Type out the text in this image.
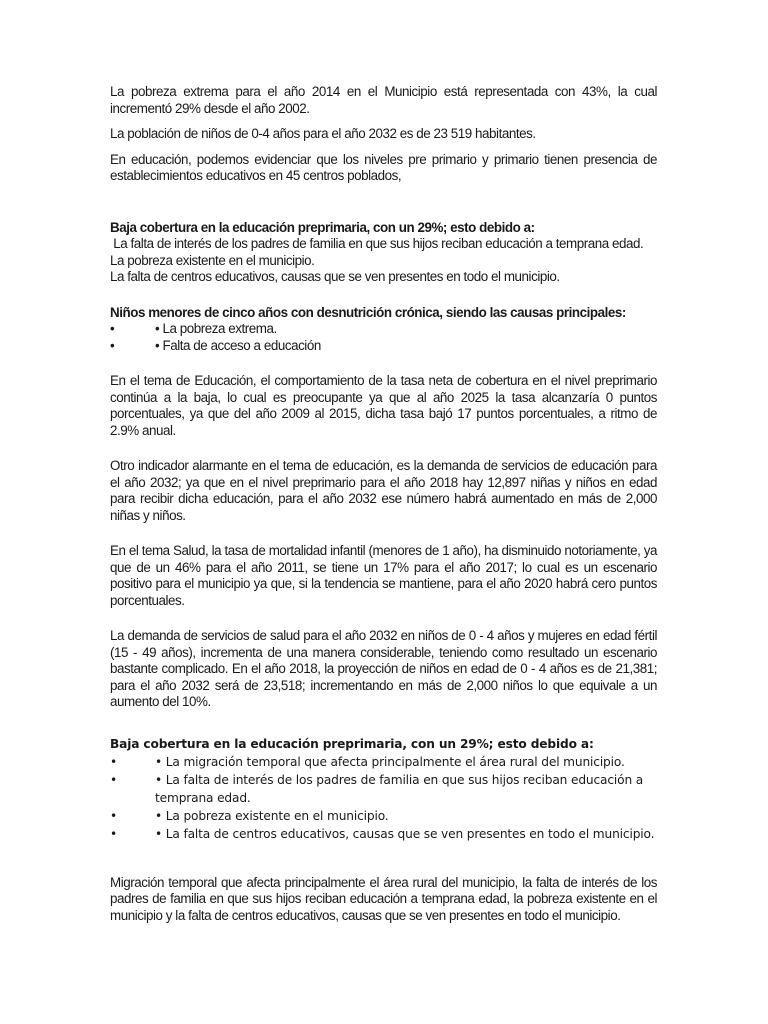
La pobreza extrema para el año 2014 en el Municipio está representada con 43%, la cual incrementó 29% desde el año 2002.

La población de niños de 0-4 años para el año 2032 es de 23 519 habitantes.

En educación, podemos evidenciar que los niveles pre primario y primario tienen presencia de establecimientos educativos en 45 centros poblados,

Baja cobertura en la educación preprimaria, con un 29%; esto debido a:

La falta de interés de los padres de familia en que sus hijos reciban educación a temprana edad.
La pobreza existente en el municipio.
La falta de centros educativos, causas que se ven presentes en todo el municipio.

Niños menores de cinco años con desnutrición crónica, siendo las causas principales:

•	• La pobreza extrema.
•	• Falta de acceso a educación

En el tema de Educación, el comportamiento de la tasa neta de cobertura en el nivel preprimario continúa a la baja, lo cual es preocupante ya que al año 2025 la tasa alcanzaría 0 puntos porcentuales, ya que del año 2009 al 2015, dicha tasa bajó 17 puntos porcentuales, a ritmo de 2.9% anual.

Otro indicador alarmante en el tema de educación, es la demanda de servicios de educación para el año 2032; ya que en el nivel preprimario para el año 2018 hay 12,897 niñas y niños en edad para recibir dicha educación, para el año 2032 ese número habrá aumentado en más de 2,000 niñas y niños.

En el tema Salud, la tasa de mortalidad infantil (menores de 1 año), ha disminuido notoriamente, ya que de un 46% para el año 2011, se tiene un 17% para el año 2017; lo cual es un escenario positivo para el municipio ya que, si la tendencia se mantiene, para el año 2020 habrá cero puntos porcentuales.

La demanda de servicios de salud para el año 2032 en niños de 0 - 4 años y mujeres en edad fértil (15 - 49 años), incrementa de una manera considerable, teniendo como resultado un escenario bastante complicado. En el año 2018, la proyección de niños en edad de 0 - 4 años es de 21,381; para el año 2032 será de 23,518; incrementando en más de 2,000 niños lo que equivale a un aumento del 10%.

Baja cobertura en la educación preprimaria, con un 29%; esto debido a:

•	• La migración temporal que afecta principalmente el área rural del municipio.
•	• La falta de interés de los padres de familia en que sus hijos reciban educación a temprana edad.
•	• La pobreza existente en el municipio.
•	• La falta de centros educativos, causas que se ven presentes en todo el municipio.

Migración temporal que afecta principalmente el área rural del municipio, la falta de interés de los padres de familia en que sus hijos reciban educación a temprana edad, la pobreza existente en el municipio y la falta de centros educativos, causas que se ven presentes en todo el municipio.
